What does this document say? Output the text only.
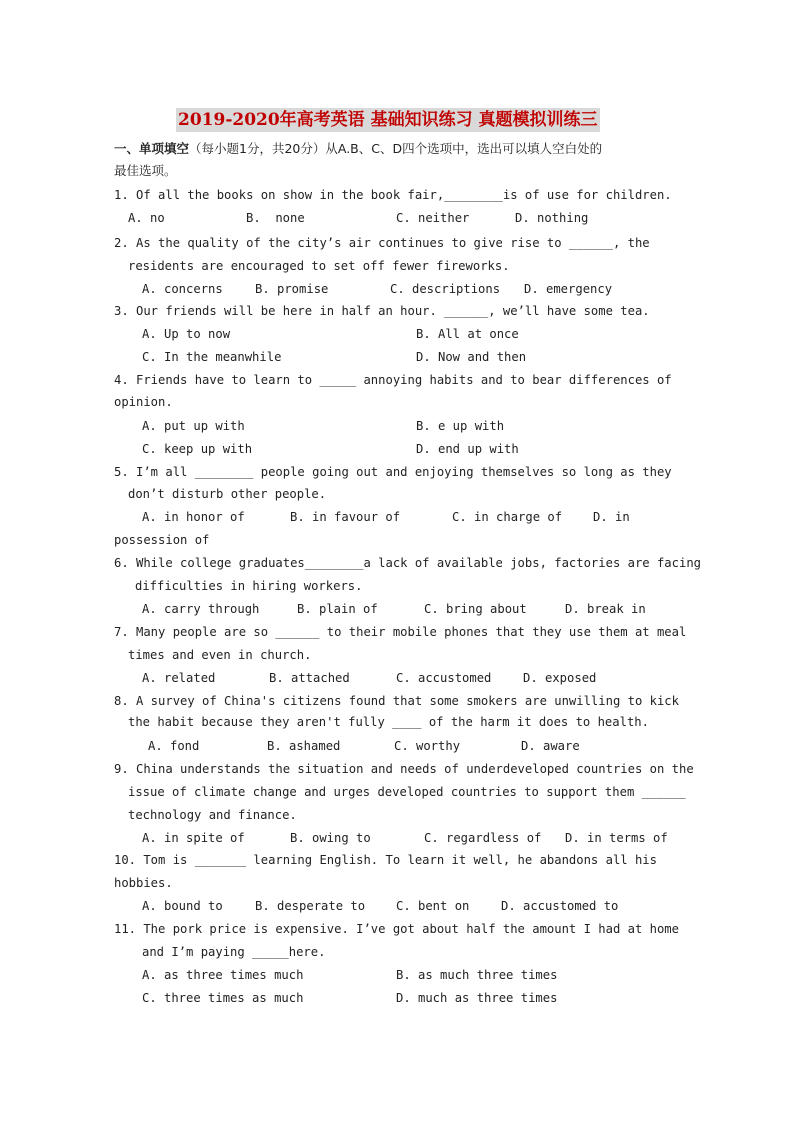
2019-2020年高考英语 基础知识练习 真题模拟训练三
一、单项填空（每小题1分，共20分）从A.B、C、D四个选项中，选出可以填人空白处的
最佳选项。
1. Of all the books on show in the book fair,________is of use for children.
A. no	B.  none	C. neither	D. nothing
2. As the quality of the city’s air continues to give rise to ______, the
residents are encouraged to set off fewer fireworks.
A. concerns	B. promise	C. descriptions D. emergency
3. Our friends will be here in half an hour. ______, we’ll have some tea.
A. Up to now	B. All at once
C. In the meanwhile	D. Now and then
4. Friends have to learn to _____ annoying habits and to bear differences of
opinion.
A. put up with	B. e up with
C. keep up with	D. end up with
5. I’m all ________ people going out and enjoying themselves so long as they
don’t disturb other people.
A. in honor of	B. in favour of	C. in charge of	D. in
possession of
6. While college graduates________a lack of available jobs, factories are facing
difficulties in hiring workers.
A. carry through	B. plain of	C. bring about	D. break in
7. Many people are so ______ to their mobile phones that they use them at meal
times and even in church.
A. related	B. attached	C. accustomed	D. exposed
8. A survey of China's citizens found that some smokers are unwilling to kick
the habit because they aren't fully ____ of the harm it does to health.
A. fond	B. ashamed	C. worthy	D. aware
9. China understands the situation and needs of underdeveloped countries on the
issue of climate change and urges developed countries to support them ______
technology and finance.
A. in spite of	B. owing to	C. regardless of D. in terms of
10. Tom is _______ learning English. To learn it well, he abandons all his
hobbies.
A. bound to	B. desperate to	C. bent on	D. accustomed to
11. The pork price is expensive. I’ve got about half the amount I had at home
and I’m paying _____here.
A. as three times much	B. as much three times
C. three times as much	D. much as three times
